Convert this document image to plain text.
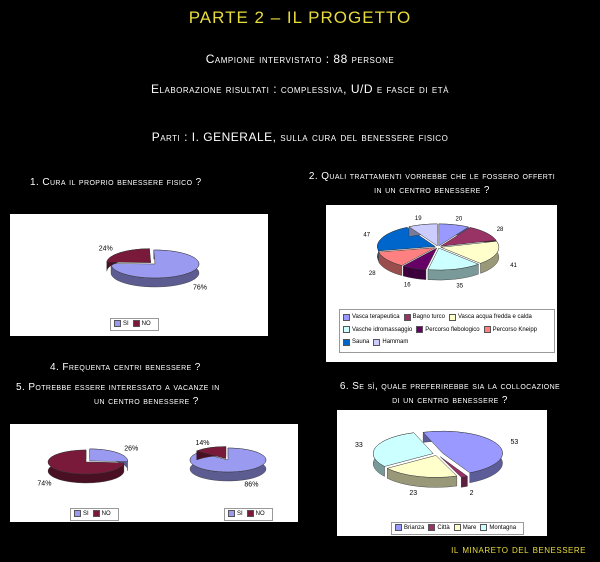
PARTE 2 – IL PROGETTO
Campione intervistato : 88 persone
Elaborazione risultati : complessiva, U/D e fasce di età
Parti : I. GENERALE, sulla cura del benessere fisico
1. Cura il proprio benessere fisico ?
2. Quali trattamenti vorrebbe che le fossero offerti
in un centro benessere ?
76%
24%
SI NO
20
28
41
35
16
28
47
19
Vasca terapeutica Bagno turco Vasca acqua fredda e calda
Vasche idromassaggio Percorso flebologico Percorso Kneipp
Sauna Hammam
4. Frequenta centri benessere ?
5. Potrebbe essere interessato a vacanze in
un centro benessere ?
6. Se sì, quale preferirebbe sia la collocazione
di un centro benessere ?
26%
74%	86%
14%
SI NO	SI NO
53
2
23
33
Brianza Città Mare Montagna
il minareto del benessere
